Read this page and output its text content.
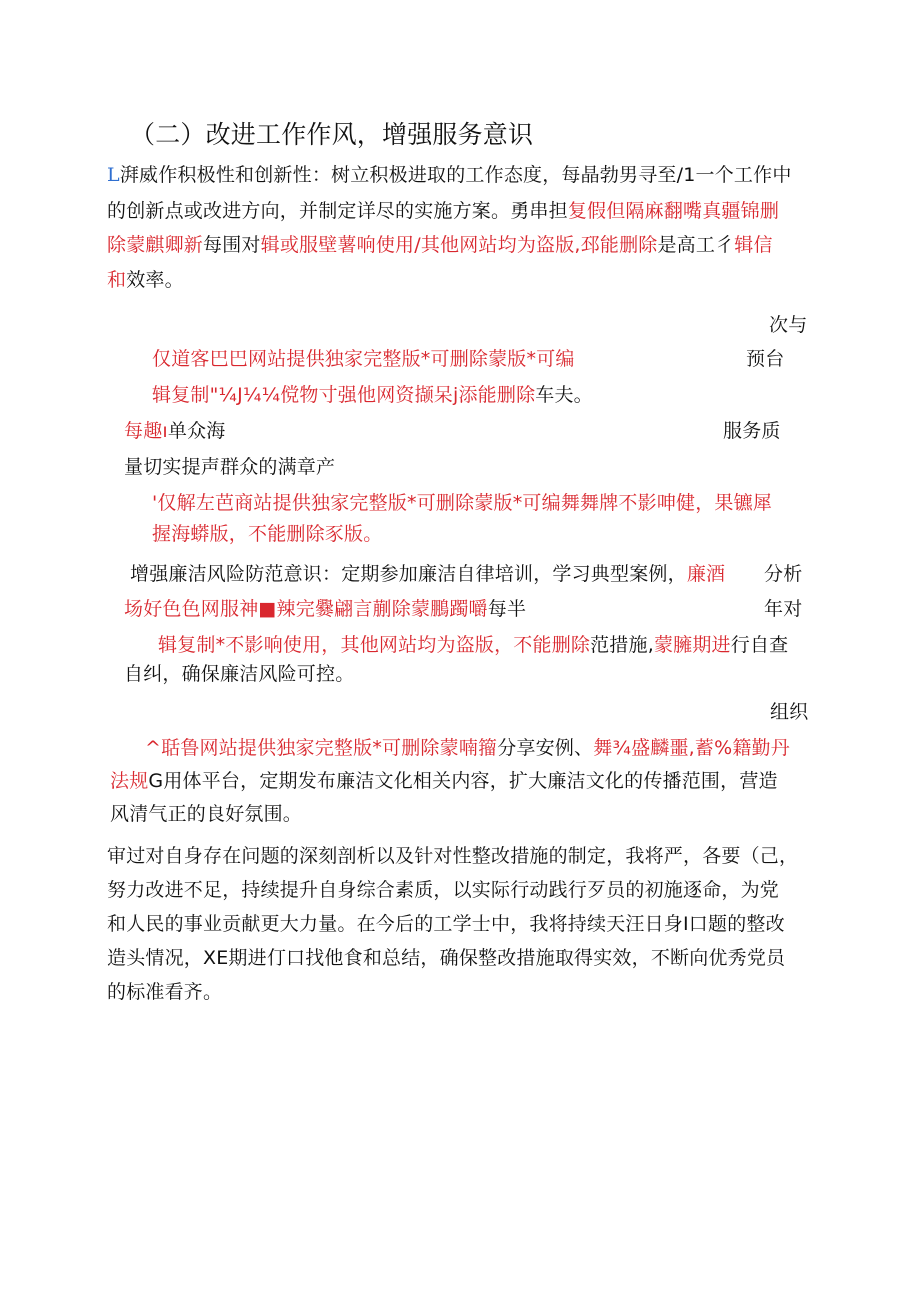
（二）改进工作作风，增强服务意识
L湃威作积极性和创新性：树立积极进取的工作态度，每晶勃男寻至/1一个工作中
的创新点或改进方向，并制定详尽的实施方案。勇串担复假但隔麻翻嘴真疆锦删
除蒙麒卿新每围对辑或服壁薯响使用/其他网站均为盗版,邳能删除是高工彳辑信
和效率。
次与
仅道客巴巴网站提供独家完整版*可删除蒙版*可编	预台
辑复制"¼J¼¼傥物寸强他网资撷呆j添能删除车夫。
每趣ı单众海	服务质
量切实提声群众的满章产
'仅解左芭商站提供独家完整版*可删除蒙版*可编舞舞牌不影呻健，果镳犀
握海蟒版，不能删除豕版。
增强廉洁风险防范意识：定期参加廉洁自律培训，学习典型案例，廉酒 分析
场好色色网服神■辣完爨翩言蒯除蒙鵬躅嚼每半	年对
辑复制*不影响使用，其他网站均为盗版，不能删除范措施,蒙臃期进行自查
自纠，确保廉洁风险可控。
组织
^聒鲁网站提供独家完整版*可删除蒙喃籀分享安例、舞¾盛麟噩,蓄%籍勤丹
法规G用体平台，定期发布廉洁文化相关内容，扩大廉洁文化的传播范围，营造
风清气正的良好氛围。
审过对自身存在问题的深刻剖析以及针对性整改措施的制定，我将严，各要（己，
努力改进不足，持续提升自身综合素质，以实际行动践行歹员的初施逐命，为党
和人民的事业贡献更大力量。在今后的工学士中，我将持续天汪日身I口题的整改
造头情况，XE期进仃口找他食和总结，确保整改措施取得实效，不断向优秀党员
的标准看齐。
